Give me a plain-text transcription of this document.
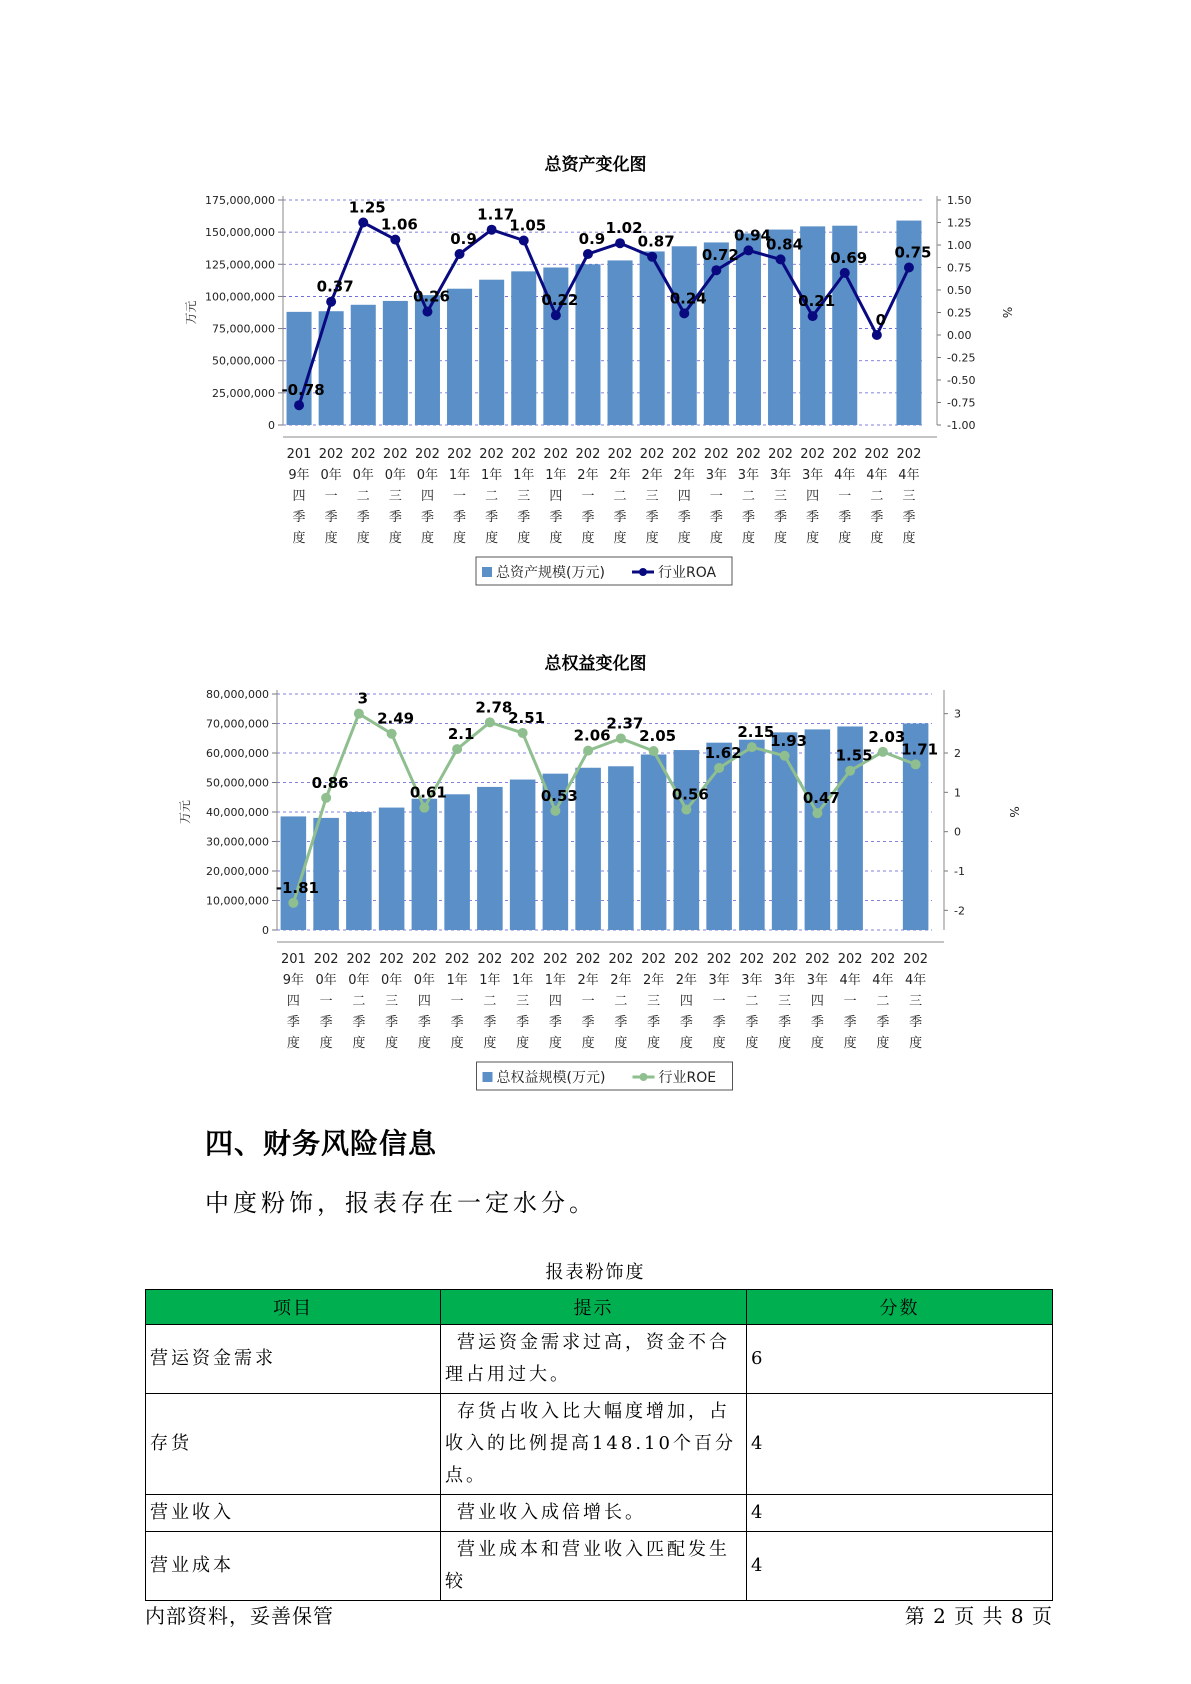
总资产变化图
0
25,000,000
50,000,000
75,000,000
100,000,000
125,000,000
150,000,000
175,000,000
-1.00
-0.75
-0.50
-0.25
0.00
0.25
0.50
0.75
1.00
1.25
1.50
万元	%
-0.78
0.37
1.25
1.06
0.26
0.9
1.17
1.05
0.22
0.9
1.02
0.87
0.24
0.72
0.94
0.84
0.21
0.69
0
0.75
201 9年四季度
202 0年一季度
202 0年二季度
202 0年三季度
202 0年四季度
202 1年一季度
202 1年二季度
202 1年三季度
202 1年四季度
202 2年一季度
202 2年二季度
202 2年三季度
202 2年四季度
202 3年一季度
202 3年二季度
202 3年三季度
202 3年四季度
202 4年一季度
202 4年二季度
202 4年三季度
总资产规模(万元)	行业ROA
总权益变化图
0
10,000,000
20,000,000
30,000,000
40,000,000
50,000,000
60,000,000
70,000,000
80,000,000
-2
-1
0
1
2
3
万元	%
-1.81
0.86
3
2.49
0.61
2.1
2.78
2.51
0.53
2.06
2.37
2.05
0.56
1.62
2.15
1.93
0.47
1.55
2.03
1.71
201 9年四季度
202 0年一季度
202 0年二季度
202 0年三季度
202 0年四季度
202 1年一季度
202 1年二季度
202 1年三季度
202 1年四季度
202 2年一季度
202 2年二季度
202 2年三季度
202 2年四季度
202 3年一季度
202 3年二季度
202 3年三季度
202 3年四季度
202 4年一季度
202 4年二季度
202 4年三季度
总权益规模(万元)	行业ROE
四、财务风险信息
中度粉饰，报表存在一定水分。
报表粉饰度
项目	提示	分数
营运资金需求	营运资金需求过高，资金不合理占用过大。	6
存货	存货占收入比大幅度增加，占收入的比例提高148.10个百分点。	4
营业收入	营业收入成倍增长。	4
营业成本	营业成本和营业收入匹配发生较	4
内部资料，妥善保管	第 2 页 共 8 页
